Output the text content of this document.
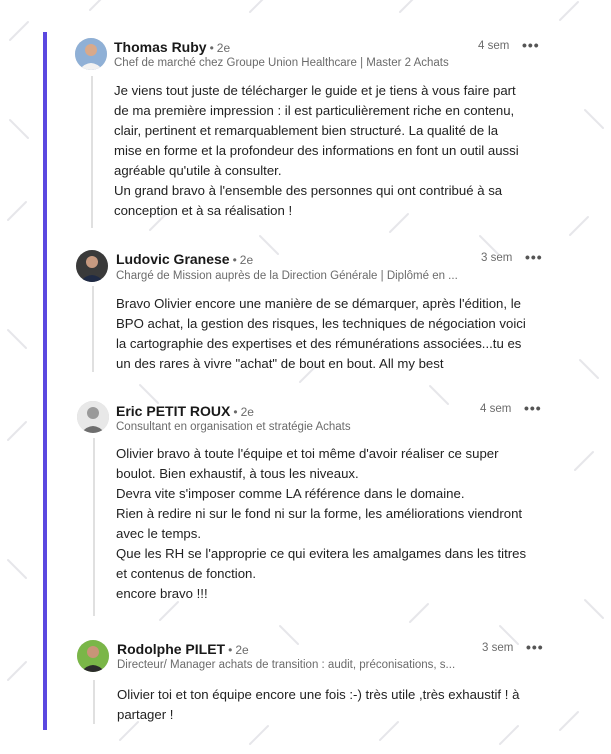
Thomas Ruby • 2e
Chef de marché chez Groupe Union Healthcare | Master 2 Achats
4 sem •••
Je viens tout juste de télécharger le guide et je tiens à vous faire part
de ma première impression : il est particulièrement riche en contenu,
clair, pertinent et remarquablement bien structuré. La qualité de la
mise en forme et la profondeur des informations en font un outil aussi
agréable qu'utile à consulter.
Un grand bravo à l'ensemble des personnes qui ont contribué à sa
conception et à sa réalisation !
Ludovic Granese • 2e
Chargé de Mission auprès de la Direction Générale | Diplômé en ...
3 sem •••
Bravo Olivier encore une manière de se démarquer, après l'édition, le
BPO achat, la gestion des risques, les techniques de négociation voici
la cartographie des expertises et des rémunérations associées...tu es
un des rares à vivre "achat" de bout en bout. All my best
Eric PETIT ROUX • 2e
Consultant en organisation et stratégie Achats
4 sem •••
Olivier bravo à toute l'équipe et toi même d'avoir réaliser ce super
boulot. Bien exhaustif, à tous les niveaux.
Devra vite s'imposer comme LA référence dans le domaine.
Rien à redire ni sur le fond ni sur la forme, les améliorations viendront
avec le temps.
Que les RH se l'approprie ce qui evitera les amalgames dans les titres
et contenus de fonction.
encore bravo !!!
Rodolphe PILET • 2e
Directeur/ Manager achats de transition : audit, préconisations, s...
3 sem •••
Olivier toi et ton équipe encore une fois :-) très utile ,très exhaustif ! à
partager !
